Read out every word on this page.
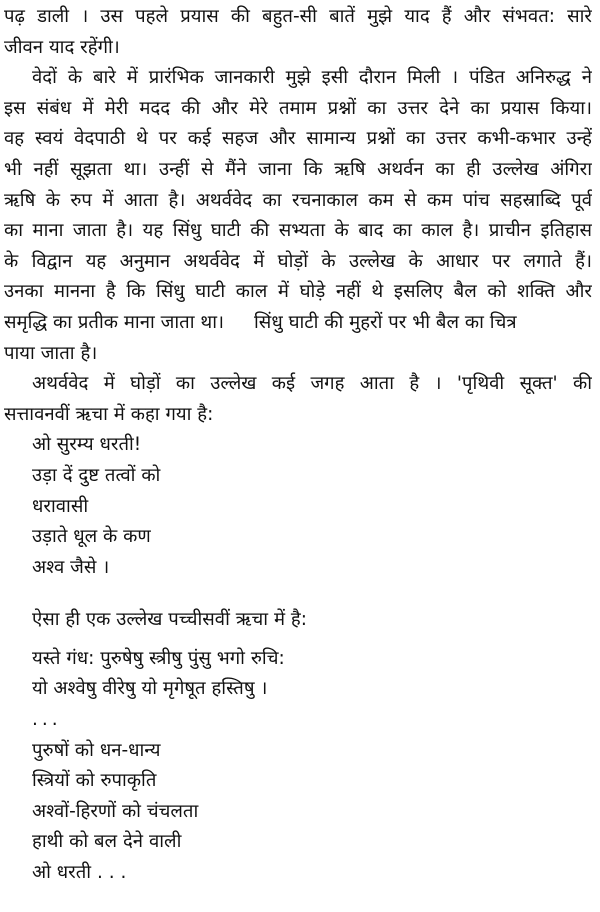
पढ़ डाली । उस पहले प्रयास की बहुत-सी बातें मुझे याद हैं और संभवत: सारे
जीवन याद रहेंगी।
वेदों के बारे में प्रारंभिक जानकारी मुझे इसी दौरान मिली । पंडित अनिरुद्ध ने
इस संबंध में मेरी मदद की और मेरे तमाम प्रश्नों का उत्तर देने का प्रयास किया।
वह स्वयं वेदपाठी थे पर कई सहज और सामान्य प्रश्नों का उत्तर कभी-कभार उन्हें
भी नहीं सूझता था। उन्हीं से मैंने जाना कि ऋषि अथर्वन का ही उल्लेख अंगिरा
ऋषि के रुप में आता है। अथर्ववेद का रचनाकाल कम से कम पांच सहस्राब्दि पूर्व
का माना जाता है। यह सिंधु घाटी की सभ्यता के बाद का काल है। प्राचीन इतिहास
के विद्वान यह अनुमान अथर्ववेद में घोड़ों के उल्लेख के आधार पर लगाते हैं।
उनका मानना है कि सिंधु घाटी काल में घोड़े नहीं थे इसलिए बैल को शक्ति और
समृद्धि का प्रतीक माना जाता था। सिंधु घाटी की मुहरों पर भी बैल का चित्र
पाया जाता है।
अथर्ववेद में घोड़ों का उल्लेख कई जगह आता है । 'पृथिवी सूक्त' की
सत्तावनवीं ऋचा में कहा गया है:
ओ सुरम्य धरती!
उड़ा दें दुष्ट तत्वों को
धरावासी
उड़ाते धूल के कण
अश्व जैसे ।
ऐसा ही एक उल्लेख पच्चीसवीं ऋचा में है:
यस्ते गंध: पुरुषेषु स्त्रीषु पुंसु भगो रुचि:
यो अश्वेषु वीरेषु यो मृगेषूत हस्तिषु ।
...
पुरुषों को धन-धान्य
स्त्रियों को रुपाकृति
अश्वों-हिरणों को चंचलता
हाथी को बल देने वाली
ओ धरती . . .
